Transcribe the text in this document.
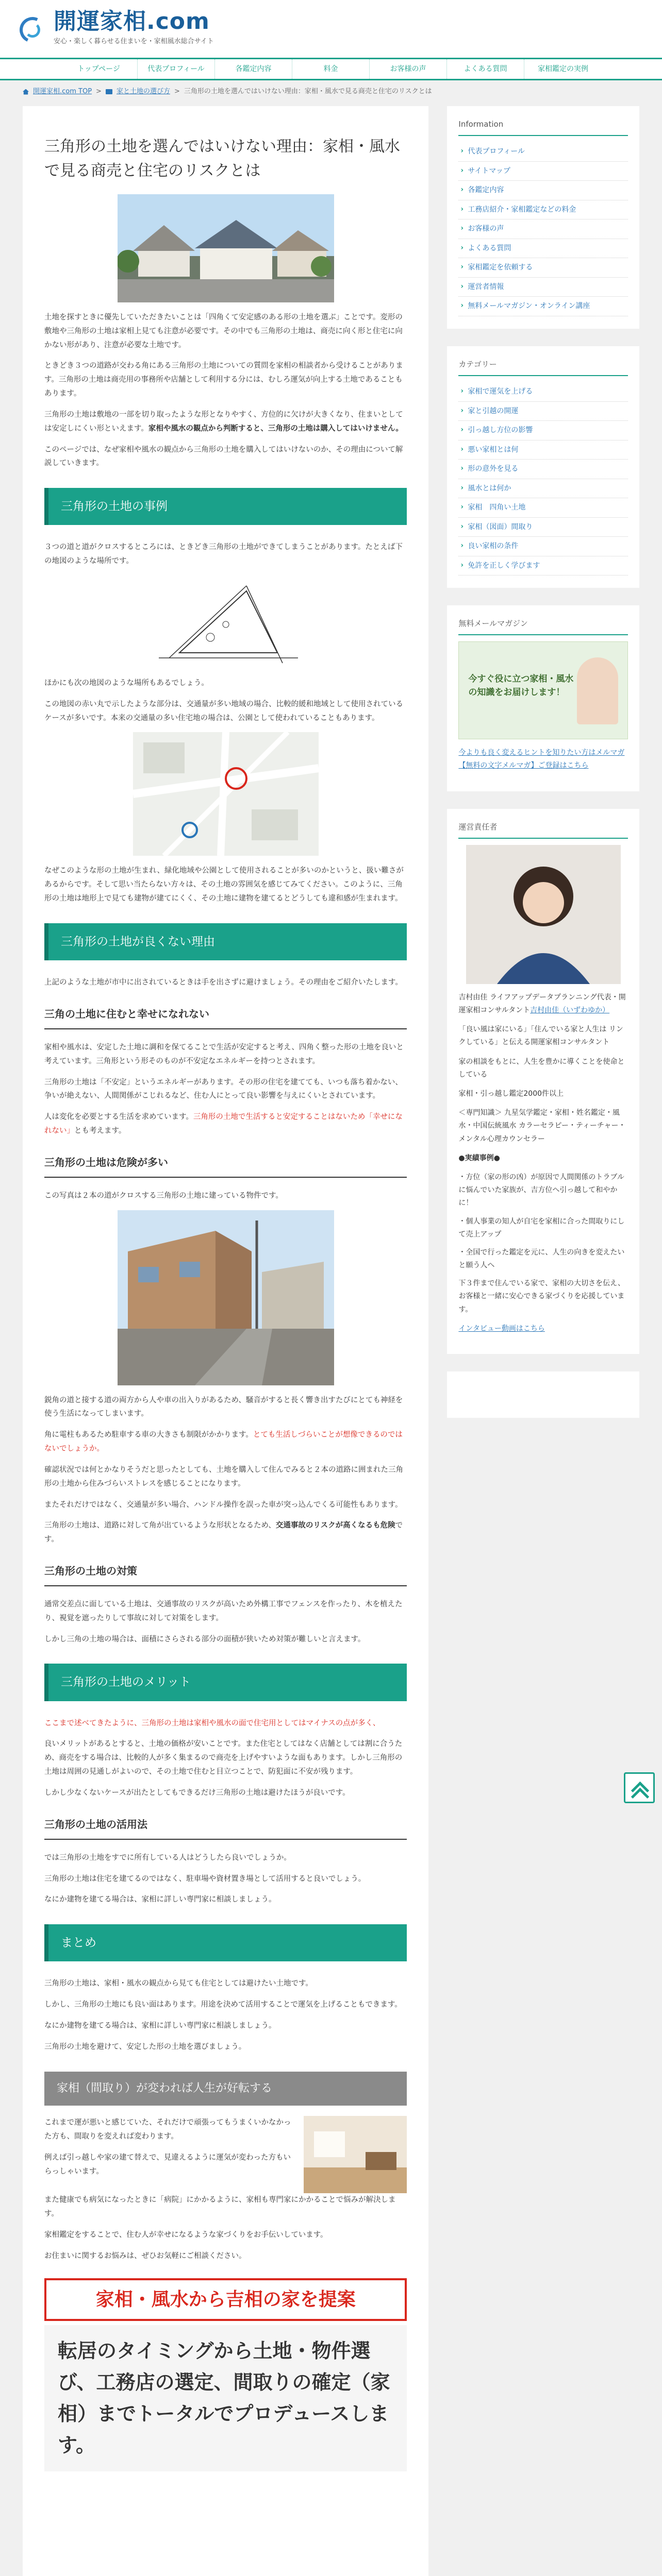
開運家相.com
安心・楽しく暮らせる住まいを・家相風水総合サイト
トップページ	代表プロフィール	各鑑定内容	料金	お客様の声	よくある質問	家相鑑定の実例
開運家相.com TOP > 家と土地の選び方 > 三角形の土地を選んではいけない理由：家相・風水で見る商売と住宅のリスクとは
三角形の土地を選んではいけない理由：家相・風水で見る商売と住宅のリスクとは

土地を探すときに優先していただきたいことは「四角くて安定感のある形の土地を選ぶ」ことです。変形の敷地や三角形の土地は家相上見ても注意が必要です。その中でも三角形の土地は、商売に向く形と住宅に向かない形があり、注意が必要な土地です。

ときどき３つの道路が交わる角にある三角形の土地についての質問を家相の相談者から受けることがあります。三角形の土地は商売用の事務所や店舗として利用する分には、むしろ運気が向上する土地であることもあります。

三角形の土地は敷地の一部を切り取ったような形となりやすく、方位的に欠けが大きくなり、住まいとしては安定しにくい形といえます。家相や風水の観点から判断すると、三角形の土地は購入してはいけません。

このページでは、なぜ家相や風水の観点から三角形の土地を購入してはいけないのか、その理由について解説していきます。

三角形の土地の事例

３つの道と道がクロスするところには、ときどき三角形の土地ができてしまうことがあります。たとえば下の地図のような場所です。

ほかにも次の地図のような場所もあるでしょう。

この地図の赤い丸で示したような部分は、交通量が多い地域の場合、比較的緩和地域として使用されているケースが多いです。本来の交通量の多い住宅地の場合は、公園として使われていることもあります。

なぜこのような形の土地が生まれ、緑化地域や公園として使用されることが多いのかというと、扱い難さがあるからです。そして思い当たらない方々は、その土地の雰囲気を感じてみてください。このように、三角形の土地は地形上で見ても建物が建てにくく、その土地に建物を建てるとどうしても違和感が生まれます。

三角形の土地が良くない理由

上記のような土地が市中に出されているときは手を出さずに避けましょう。その理由をご紹介いたします。

三角の土地に住むと幸せになれない

家相や風水は、安定した土地に調和を保てることで生活が安定すると考え、四角く整った形の土地を良いと考えています。三角形という形そのものが不安定なエネルギーを持つとされます。

三角形の土地は「不安定」というエネルギーがあります。その形の住宅を建てても、いつも落ち着かない、争いが絶えない、人間関係がこじれるなど、住む人にとって良い影響を与えにくいとされています。

人は変化を必要とする生活を求めています。三角形の土地で生活すると安定することはないため「幸せになれない」とも考えます。

三角形の土地は危険が多い

この写真は２本の道がクロスする三角形の土地に建っている物件です。

鋭角の道と接する道の両方から人や車の出入りがあるため、騒音がすると長く響き出すたびにとても神経を使う生活になってしまいます。

角に電柱もあるため駐車する車の大きさも制限がかかります。とても生活しづらいことが想像できるのではないでしょうか。

確認状況では何とかなりそうだと思ったとしても、土地を購入して住んでみると２本の道路に囲まれた三角形の土地から住みづらいストレスを感じることになります。

またそれだけではなく、交通量が多い場合、ハンドル操作を誤った車が突っ込んでくる可能性もあります。

三角形の土地は、道路に対して角が出ているような形状となるため、交通事故のリスクが高くなるも危険です。

三角形の土地の対策

通常交差点に面している土地は、交通事故のリスクが高いため外構工事でフェンスを作ったり、木を植えたり、視覚を遮ったりして事故に対して対策をします。

しかし三角の土地の場合は、面積にさらされる部分の面積が狭いため対策が難しいと言えます。

三角形の土地のメリット

ここまで述べてきたように、三角形の土地は家相や風水の面で住宅用としてはマイナスの点が多く、

良いメリットがあるとすると、土地の価格が安いことです。また住宅としてはなく店舗としては割に合うため、商売をする場合は、比較的人が多く集まるので商売を上げやすいような面もあります。しかし三角形の土地は周囲の見通しがよいので、その土地で住むと目立つことで、防犯面に不安が残ります。

しかし少なくないケースが出たとしてもできるだけ三角形の土地は避けたほうが良いです。

三角形の土地の活用法

では三角形の土地をすでに所有している人はどうしたら良いでしょうか。

三角形の土地は住宅を建てるのではなく、駐車場や資材置き場として活用すると良いでしょう。

なにか建物を建てる場合は、家相に詳しい専門家に相談しましょう。

まとめ

三角形の土地は、家相・風水の観点から見ても住宅としては避けたい土地です。

しかし、三角形の土地にも良い面はあります。用途を決めて活用することで運気を上げることもできます。

なにか建物を建てる場合は、家相に詳しい専門家に相談しましょう。

三角形の土地を避けて、安定した形の土地を選びましょう。

家相（間取り）が変われば人生が好転する

これまで運が悪いと感じていた、それだけで頑張ってもうまくいかなかった方も、間取りを変えれば変わります。

例えば引っ越しや家の建て替えで、見違えるように運気が変わった方もいらっしゃいます。

また健康でも病気になったときに「病院」にかかるように、家相も専門家にかかることで悩みが解決します。

家相鑑定をすることで、住む人が幸せになるような家づくりをお手伝いしています。

お住まいに関するお悩みは、ぜひお気軽にご相談ください。

家相・風水から吉相の家を提案
転居のタイミングから土地・物件選び、工務店の選定、間取りの確定（家相）までトータルでプロデュースします。
Information
› 代表プロフィール
› サイトマップ
› 各鑑定内容
› 工務店紹介・家相鑑定などの料金
› お客様の声
› よくある質問
› 家相鑑定を依頼する
› 運営者情報
› 無料メールマガジン・オンライン講座
カテゴリー
› 家相で運気を上げる
› 家と引越の開運
› 引っ越し方位の影響
› 悪い家相とは何
› 形の意外を見る
› 風水とは何か
› 家相　四角い土地
› 家相（図面）間取り
› 良い家相の条件
› 免許を正しく学びます
無料メールマガジン
今すぐ役に立つ家相・風水の知識をお届けします！

今よりも良く変えるヒントを知りたい方はメルマガ【無料の文字メルマガ】ご登録はこちら

運営責任者

吉村由佳 ライフアップデータプランニング代表・開運家相コンサルタント吉村由佳（いずわゆか）

「良い風は家にいる」「住んでいる家と人生は リンクしている」と伝える開運家相コンサルタント

家の相談をもとに、人生を豊かに導くことを使命としている

家相・引っ越し鑑定2000件以上

＜専門知識＞ 九星気学鑑定・家相・姓名鑑定・風水・中国伝統風水 カラーセラピー・ティーチャー・メンタル心理カウンセラー

●実績事例●

・方位（家の形の凶）が原因で人間関係のトラブルに悩んでいた家族が、吉方位へ引っ越して和やかに！

・個人事業の知人が自宅を家相に合った間取りにして売上アップ

・全国で行った鑑定を元に、人生の向きを変えたいと願う人へ

下３件まで住んでいる家で、家相の大切さを伝え、お客様と一緒に安心できる家づくりを応援しています。

インタビュー動画はこちら
